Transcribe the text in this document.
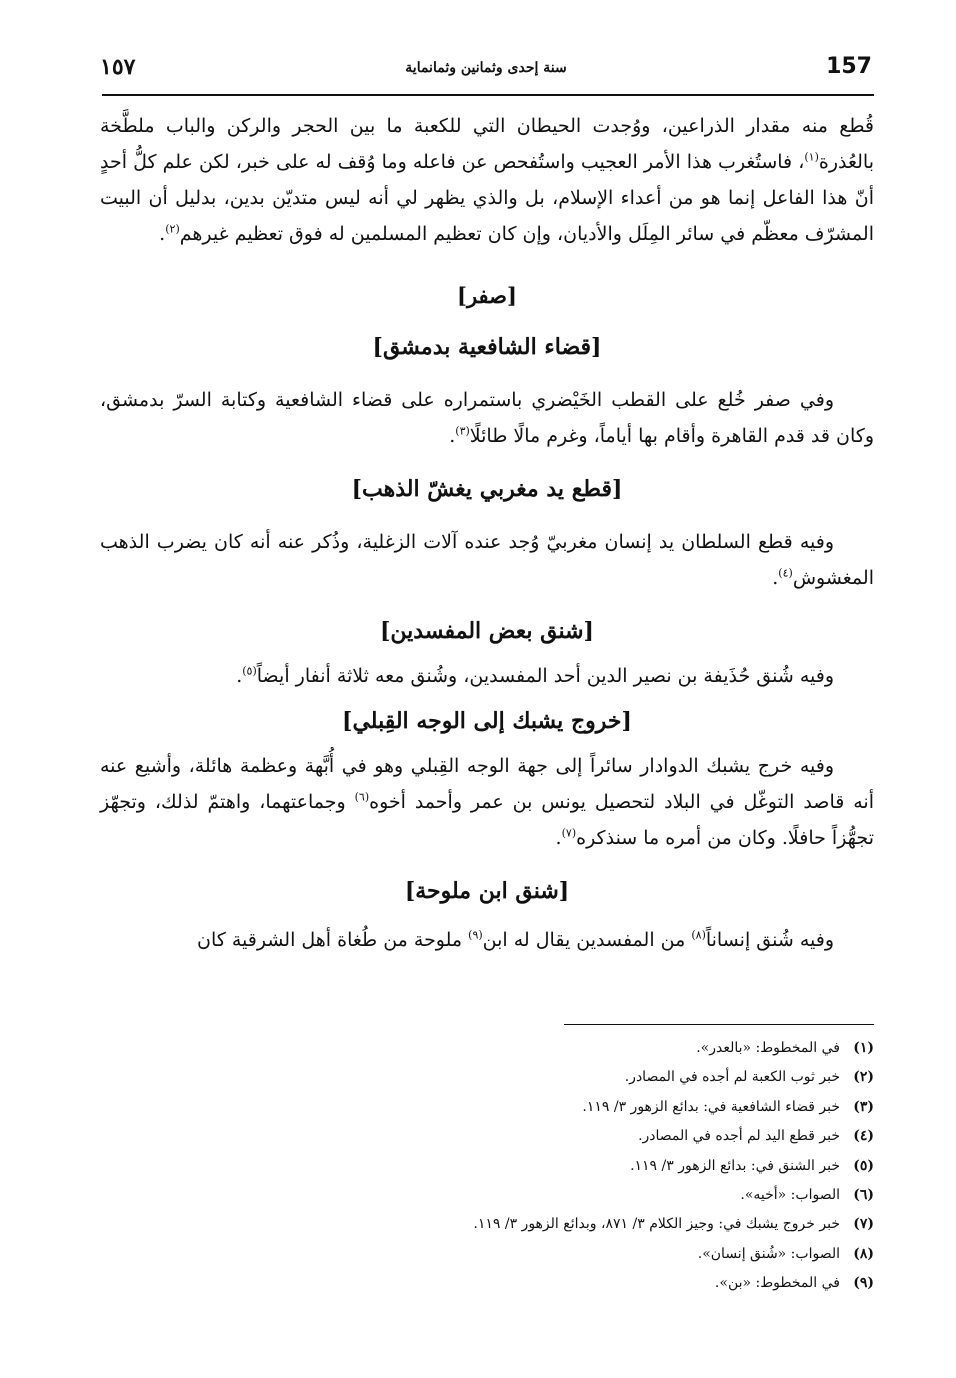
157
سنة إحدى وثمانين وثمانماية
١٥٧

قُطع منه مقدار الذراعين، ووُجدت الحيطان التي للكعبة ما بين الحجر والركن والباب ملطَّخة بالعُذرة$^{(١)}$، فاستُغرب هذا الأمر العجيب واستُفحص عن فاعله وما وُقف له على خبر، لكن علم كلُّ أحدٍ أنّ هذا الفاعل إنما هو من أعداء الإسلام، بل والذي يظهر لي أنه ليس متديّن بدين، بدليل أن البيت المشرّف معظّم في سائر المِلَل والأديان، وإن كان تعظيم المسلمين له فوق تعظيم غيرهم$^{(٢)}$.

[صفر]
[قضاء الشافعية بدمشق]

وفي صفر خُلع على القطب الخَيْضري باستمراره على قضاء الشافعية وكتابة السرّ بدمشق، وكان قد قدم القاهرة وأقام بها أياماً، وغرم مالًا طائلًا$^{(٣)}$.

[قطع يد مغربي يغشّ الذهب]

وفيه قطع السلطان يد إنسان مغربيّ وُجد عنده آلات الزغلية، وذُكر عنه أنه كان يضرب الذهب المغشوش$^{(٤)}$.

[شنق بعض المفسدين]

وفيه شُنق حُذَيفة بن نصير الدين أحد المفسدين، وشُنق معه ثلاثة أنفار أيضاً$^{(٥)}$.

[خروج يشبك إلى الوجه القِبلي]

وفيه خرج يشبك الدوادار سائراً إلى جهة الوجه القِبلي وهو في أُبَّهة وعظمة هائلة، وأشيع عنه أنه قاصد التوغّل في البلاد لتحصيل يونس بن عمر وأحمد أخوه$^{(٦)}$ وجماعتهما، واهتمّ لذلك، وتجهّز تجهُّزاً حافلًا. وكان من أمره ما سنذكره$^{(٧)}$.

[شنق ابن ملوحة]

وفيه شُنق إنساناً$^{(٨)}$ من المفسدين يقال له ابن$^{(٩)}$ ملوحة من طُغاة أهل الشرقية كان

(١)في المخطوط: «بالعدر».
(٢)خبر ثوب الكعبة لم أجده في المصادر.
(٣)خبر قضاء الشافعية في: بدائع الزهور ٣/ ١١٩.
(٤)خبر قطع اليد لم أجده في المصادر.
(٥)خبر الشنق في: بدائع الزهور ٣/ ١١٩.
(٦)الصواب: «أخيه».
(٧)خبر خروج يشبك في: وجيز الكلام ٣/ ٨٧١، وبدائع الزهور ٣/ ١١٩.
(٨)الصواب: «شُنق إنسان».
(٩)في المخطوط: «بن».
